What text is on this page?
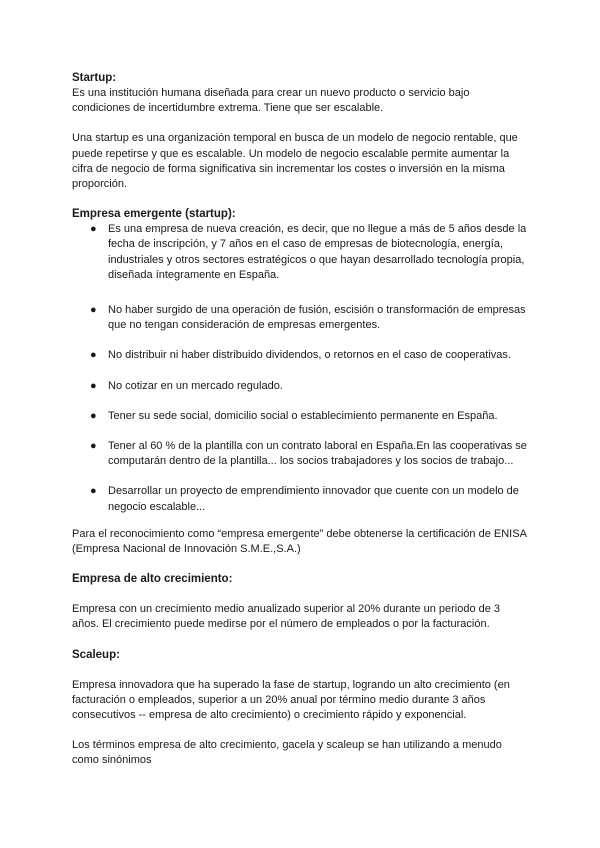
Startup:

Es una institución humana diseñada para crear un nuevo producto o servicio bajo condiciones de incertidumbre extrema. Tiene que ser escalable.

Una startup es una organización temporal en busca de un modelo de negocio rentable, que puede repetirse y que es escalable. Un modelo de negocio escalable permite aumentar la cifra de negocio de forma significativa sin incrementar los costes o inversión en la misma proporción.

Empresa emergente (startup):

● Es una empresa de nueva creación, es decir, que no llegue a más de 5 años desde la fecha de inscripción, y 7 años en el caso de empresas de biotecnología, energía, industriales y otros sectores estratégicos o que hayan desarrollado tecnología propia, diseñada íntegramente en España.
● No haber surgido de una operación de fusión, escisión o transformación de empresas que no tengan consideración de empresas emergentes.
● No distribuir ni haber distribuido dividendos, o retornos en el caso de cooperativas.
● No cotizar en un mercado regulado.
● Tener su sede social, domicilio social o establecimiento permanente en España.
● Tener al 60 % de la plantilla con un contrato laboral en España.En las cooperativas se computarán dentro de la plantilla... los socios trabajadores y los socios de trabajo...
● Desarrollar un proyecto de emprendimiento innovador que cuente con un modelo de negocio escalable...

Para el reconocimiento como “empresa emergente” debe obtenerse la certificación de ENISA (Empresa Nacional de Innovación S.M.E.,S.A.)

Empresa de alto crecimiento:

Empresa con un crecimiento medio anualizado superior al 20% durante un periodo de 3 años. El crecimiento puede medirse por el número de empleados o por la facturación.

Scaleup:

Empresa innovadora que ha superado la fase de startup, logrando un alto crecimiento (en facturación o empleados, superior a un 20% anual por término medio durante 3 años consecutivos -- empresa de alto crecimiento) o crecimiento rápido y exponencial.

Los términos empresa de alto crecimiento, gacela y scaleup se han utilizando a menudo como sinónimos
